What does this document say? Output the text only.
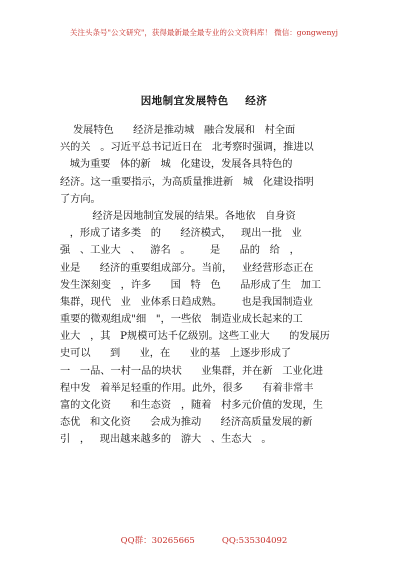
关注头条号"公文研究"，获得最新最全最专业的公文资料库！ 微信：gongwenyj
因地制宜发展特色    经济
发展特色      经济是推动城   融合发展和   村全面
兴的关   。习近平总书记近日在   北考察时强调，推进以
城为重要   体的新   城   化建设，发展各具特色的
经济。这一重要指示，为高质量推进新   城   化建设指明
了方向。
经济是因地制宜发展的结果。各地依   自身资
，形成了诸多类   的      经济模式，   现出一批   业
强   、工业大   、   游名   。      是      品的   给   ，
业是      经济的重要组成部分。当前，   业经营形态正在
发生深刻变   ，许多      国   特   色      品形成了生   加工
集群，现代   业   业体系日趋成熟。      也是我国制造业
重要的微观组成"细   "，一些依   制造业成长起来的工
业大   ，其   P规模可达千亿级别。这些工业大      的发展历
史可以      到      业，在      业的基   上逐步形成了
一   一品、一村一品的块状      业集群，并在新   工业化进
程中发   着举足轻重的作用。此外，很多      有着非常丰
富的文化资      和生态资   ，随着   村多元价值的发现，生
态优   和文化资      会成为推动      经济高质量发展的新
引   ，   现出越来越多的   游大   、生态大   。
QQ群：30265665          QQ:535304092
